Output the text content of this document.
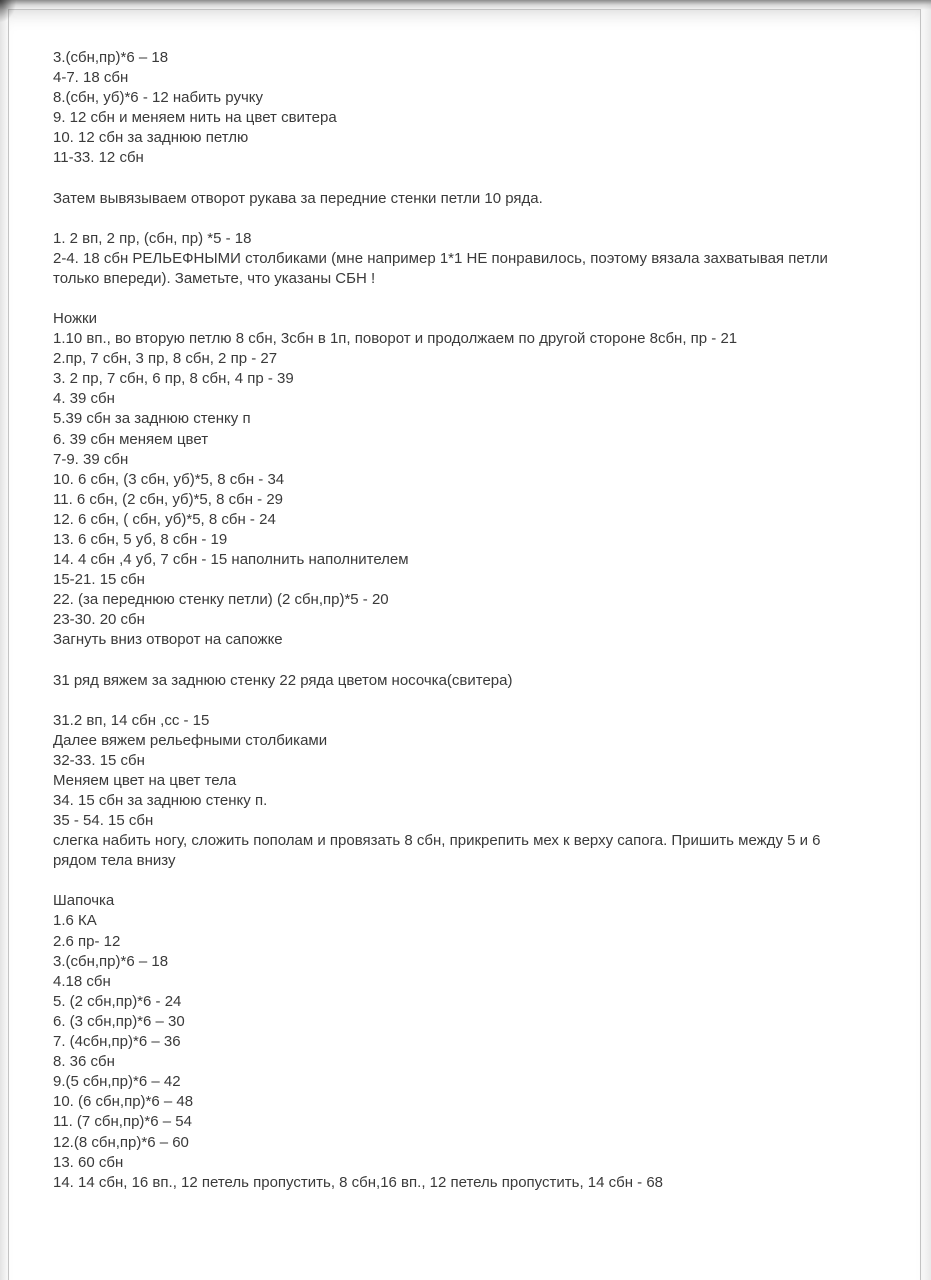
3.(сбн,пр)*6 – 18
4-7. 18 сбн
8.(сбн, уб)*6 - 12 набить ручку
9. 12 сбн и меняем нить на цвет свитера
10. 12 сбн за заднюю петлю
11-33. 12 сбн
Затем вывязываем отворот рукава за передние стенки петли 10 ряда.
1. 2 вп, 2 пр, (сбн, пр) *5 - 18
2-4. 18 сбн РЕЛЬЕФНЫМИ столбиками (мне например 1*1 НЕ понравилось, поэтому вязала захватывая петли
только впереди). Заметьте, что указаны СБН !
Ножки
1.10 вп., во вторую петлю 8 сбн, 3сбн в 1п, поворот и продолжаем по другой стороне 8сбн, пр - 21
2.пр, 7 сбн, 3 пр, 8 сбн, 2 пр - 27
3. 2 пр, 7 сбн, 6 пр, 8 сбн, 4 пр - 39
4. 39 сбн
5.39 сбн за заднюю стенку п
6. 39 сбн меняем цвет
7-9. 39 сбн
10. 6 сбн, (3 сбн, уб)*5, 8 сбн - 34
11. 6 сбн, (2 сбн, уб)*5, 8 сбн - 29
12. 6 сбн, ( сбн, уб)*5, 8 сбн - 24
13. 6 сбн, 5 уб, 8 сбн - 19
14. 4 сбн ,4 уб, 7 сбн - 15 наполнить наполнителем
15-21. 15 сбн
22. (за переднюю стенку петли) (2 сбн,пр)*5 - 20
23-30. 20 сбн
Загнуть вниз отворот на сапожке
31 ряд вяжем за заднюю стенку 22 ряда цветом носочка(свитера)
31.2 вп, 14 сбн ,сс - 15
Далее вяжем рельефными столбиками
32-33. 15 сбн
Меняем цвет на цвет тела
34. 15 сбн за заднюю стенку п.
35 - 54. 15 сбн
слегка набить ногу, сложить пополам и провязать 8 сбн, прикрепить мех к верху сапога. Пришить между 5 и 6
рядом тела внизу
Шапочка
1.6 КА
2.6 пр- 12
3.(сбн,пр)*6 – 18
4.18 сбн
5. (2 сбн,пр)*6 - 24
6. (3 сбн,пр)*6 – 30
7. (4сбн,пр)*6 – 36
8. 36 сбн
9.(5 сбн,пр)*6 – 42
10. (6 сбн,пр)*6 – 48
11. (7 сбн,пр)*6 – 54
12.(8 сбн,пр)*6 – 60
13. 60 сбн
14. 14 сбн, 16 вп., 12 петель пропустить, 8 сбн,16 вп., 12 петель пропустить, 14 сбн - 68
